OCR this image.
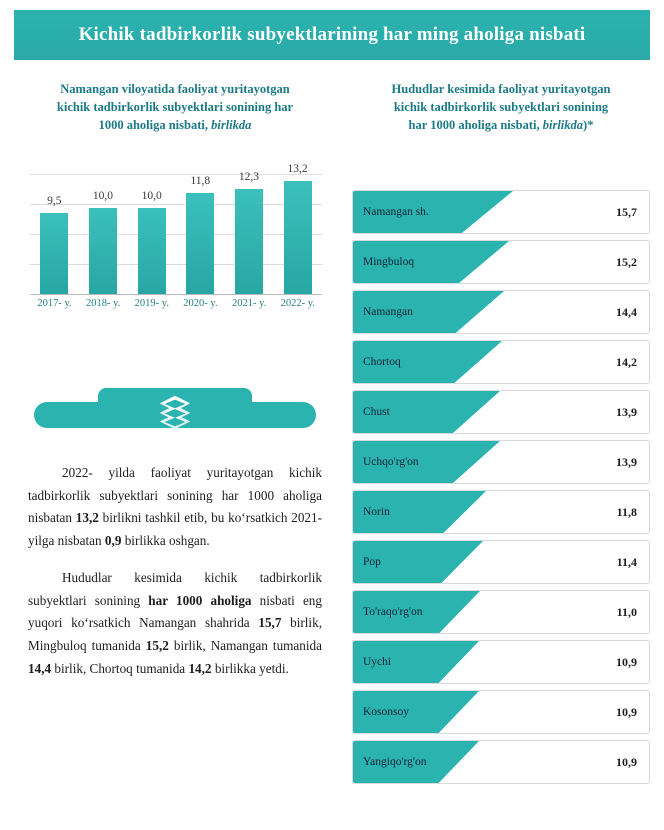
Kichik tadbirkorlik subyektlarining har ming aholiga nisbati
Namangan viloyatida faoliyat yuritayotgan
kichik tadbirkorlik subyektlari sonining har
1000 aholiga nisbati, birlikda
9,5	10,0 10,0
11,8 12,3
13,2
2017- y. 2018- y. 2019- y. 2020- y. 2021- y. 2022- y.

2022- yilda faoliyat yuritayotgan kichik tadbirkorlik subyektlari sonining har 1000 aholiga nisbatan 13,2 birlikni tashkil etib, bu ko‘rsatkich 2021- yilga nisbatan 0,9 birlikka oshgan.

Hududlar kesimida kichik tadbirkorlik subyektlari sonining har 1000 aholiga nisbati eng yuqori ko‘rsatkich Namangan shahrida 15,7 birlik, Mingbuloq tumanida 15,2 birlik, Namangan tumanida 14,4 birlik, Chortoq tumanida 14,2 birlikka yetdi.

Hududlar kesimida faoliyat yuritayotgan
kichik tadbirkorlik subyektlari sonining
har 1000 aholiga nisbati, birlikda)*
Namangan sh.	15,7
Mingbuloq	15,2
Namangan	14,4
Chortoq	14,2
Chust	13,9
Uchqo'rg'on	13,9
Norin	11,8
Pop	11,4
To'raqo'rg'on	11,0
Uychi	10,9
Kosonsoy	10,9
Yangiqo'rg'on	10,9
